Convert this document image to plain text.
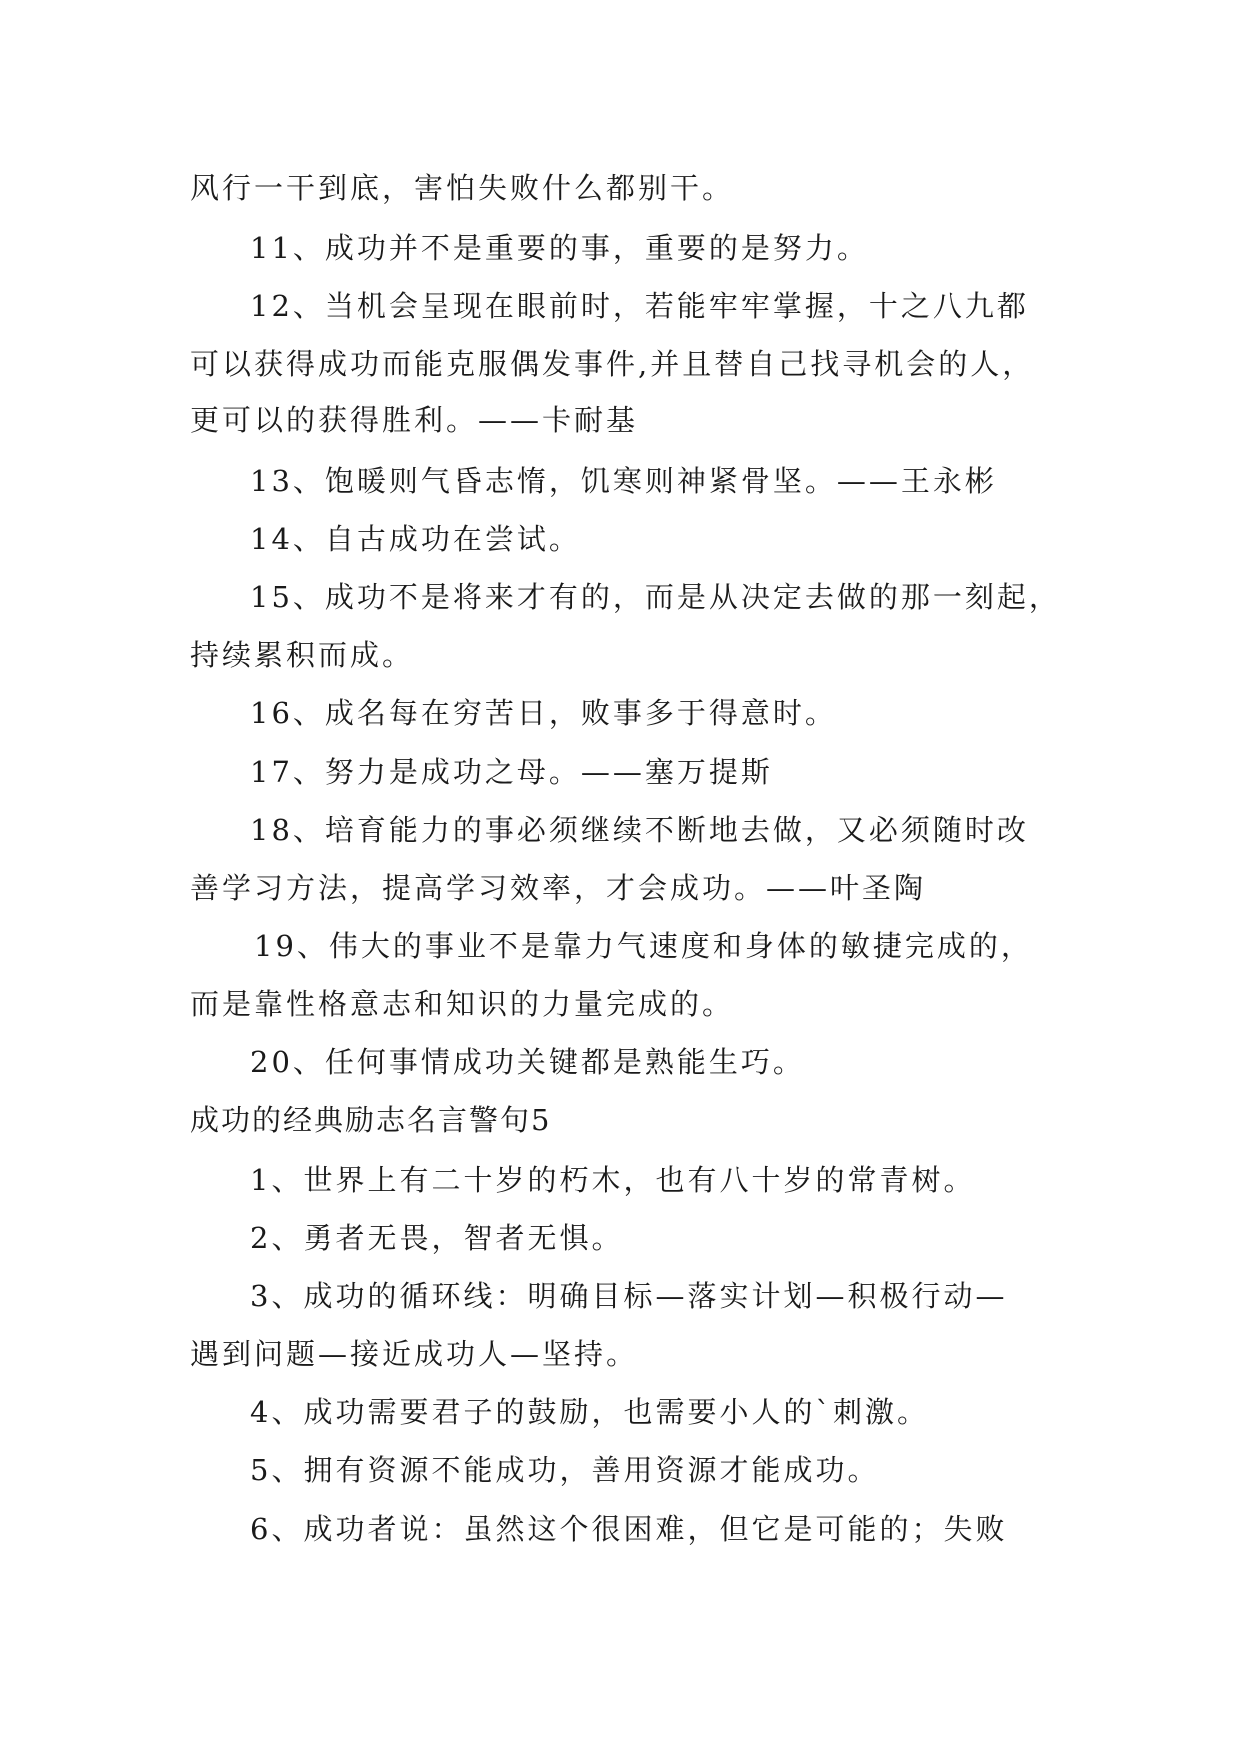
风行一干到底，害怕失败什么都别干。
11、成功并不是重要的事，重要的是努力。
12、当机会呈现在眼前时，若能牢牢掌握，十之八九都
可以获得成功而能克服偶发事件,并且替自己找寻机会的人，
更可以的获得胜利。——卡耐基
13、饱暖则气昏志惰，饥寒则神紧骨坚。——王永彬
14、自古成功在尝试。
15、成功不是将来才有的，而是从决定去做的那一刻起，
持续累积而成。
16、成名每在穷苦日，败事多于得意时。
17、努力是成功之母。——塞万提斯
18、培育能力的事必须继续不断地去做，又必须随时改
善学习方法，提高学习效率，才会成功。——叶圣陶
19、伟大的事业不是靠力气速度和身体的敏捷完成的，
而是靠性格意志和知识的力量完成的。
20、任何事情成功关键都是熟能生巧。
成功的经典励志名言警句5
1、世界上有二十岁的朽木，也有八十岁的常青树。
2、勇者无畏，智者无惧。
3、成功的循环线：明确目标—落实计划—积极行动—
遇到问题—接近成功人—坚持。
4、成功需要君子的鼓励，也需要小人的`刺激。
5、拥有资源不能成功，善用资源才能成功。
6、成功者说：虽然这个很困难，但它是可能的；失败
